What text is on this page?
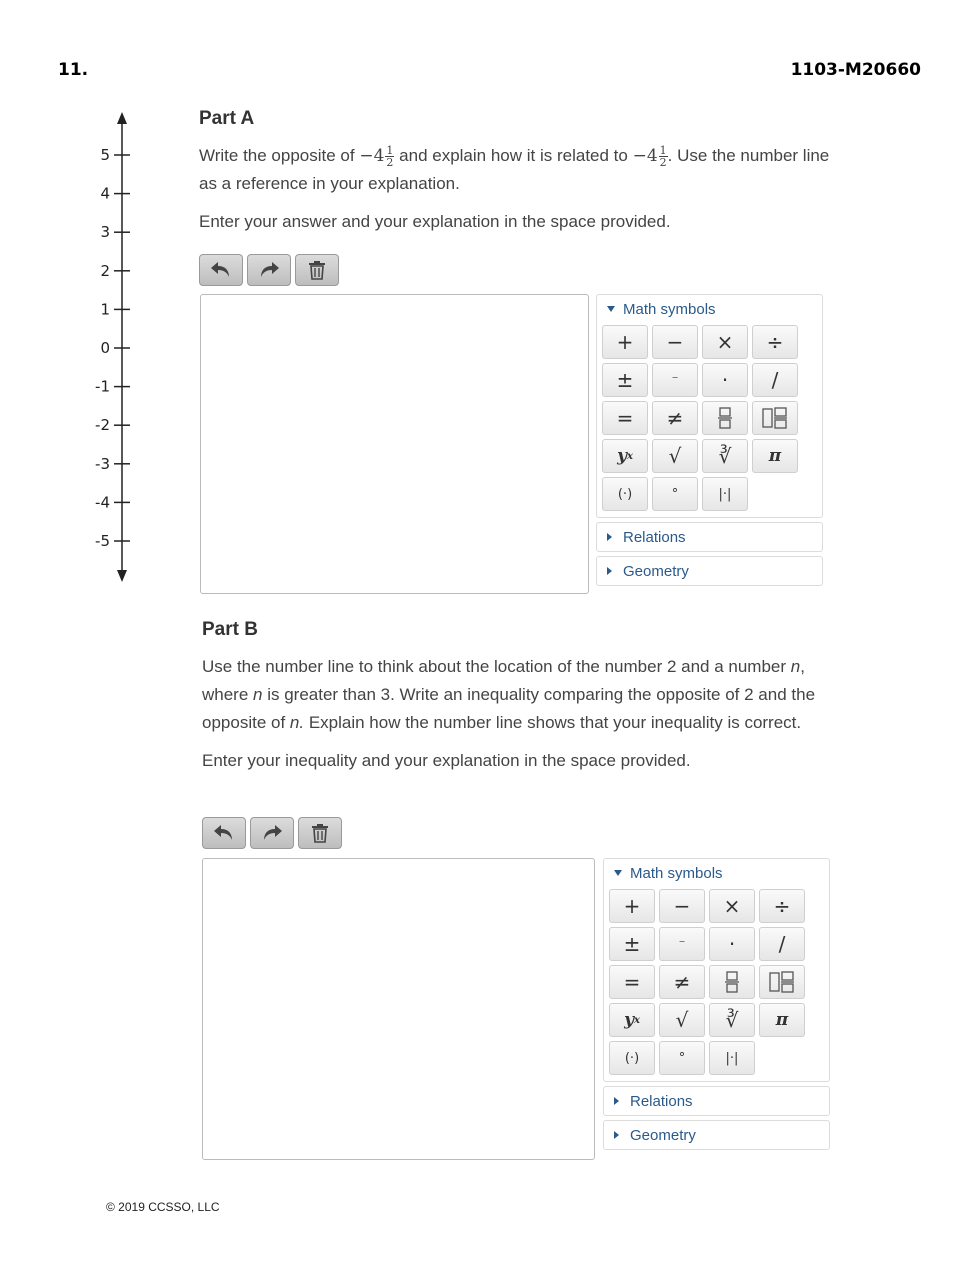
11.	1103-M20660
5
4
3
2
1
0
-1
-2
-3
-4
-5
Part A

Write the opposite of $-4 \frac{1}{2}$ and explain how it is related to $-4 \frac{1}{2}$ . Use the number line as a reference in your explanation.

Enter your answer and your explanation in the space provided.

Math symbols
+	−	×	÷
±	⁻	·	/
=	≠
y x	√	∛	π
(·)	°	|·|
Relations
Geometry
Part B

Use the number line to think about the location of the number 2 and a number n, where n is greater than 3. Write an inequality comparing the opposite of 2 and the opposite of n. Explain how the number line shows that your inequality is correct.

Enter your inequality and your explanation in the space provided.

Math symbols
+	−	×	÷
±	⁻	·	/
=	≠
y x	√	∛	π
(·)	°	|·|
Relations
Geometry
© 2019 CCSSO, LLC
